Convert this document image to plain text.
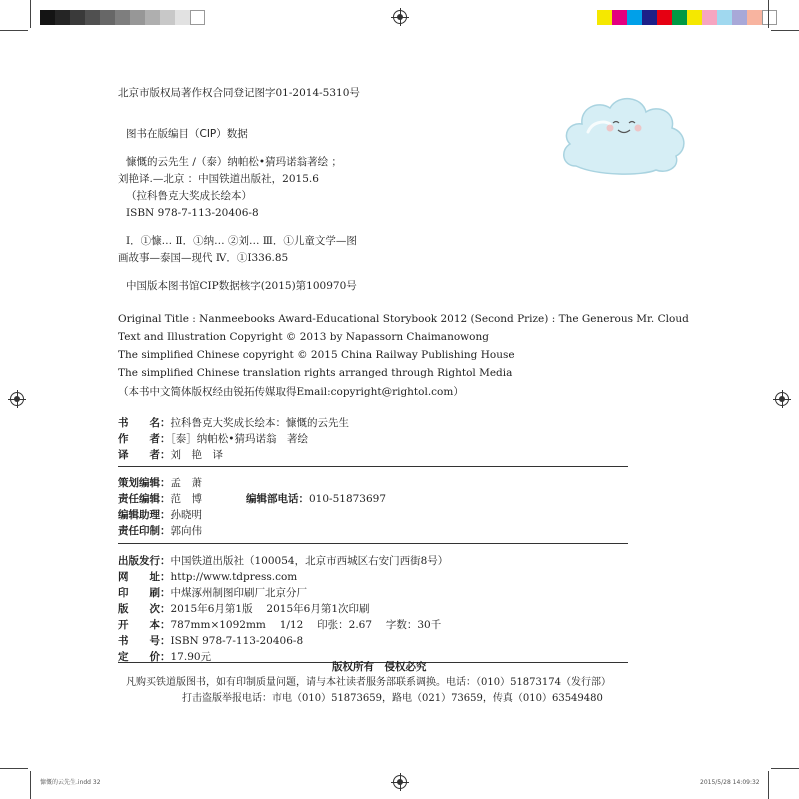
北京市版权局著作权合同登记图字01-2014-5310号
图书在版编目（CIP）数据
慷慨的云先生 /（泰）纳帕松•猜玛诺翁著绘 ；
刘艳译.—北京 ：中国铁道出版社，2015.6
（拉科鲁克大奖成长绘本）
ISBN 978-7-113-20406-8
Ⅰ．①慷… Ⅱ．①纳… ②刘… Ⅲ．①儿童文学—图
画故事—泰国—现代 Ⅳ．①I336.85
中国版本图书馆CIP数据核字(2015)第100970号
Original Title : Nanmeebooks Award-Educational Storybook 2012 (Second Prize) : The Generous Mr. Cloud
Text and Illustration Copyright © 2013 by Napassorn Chaimanowong
The simplified Chinese copyright © 2015 China Railway Publishing House
The simplified Chinese translation rights arranged through Rightol Media
（本书中文简体版权经由锐拓传媒取得Email:copyright@rightol.com）
书　　名：拉科鲁克大奖成长绘本：慷慨的云先生
作　　者：［泰］纳帕松•猜玛诺翁　著绘
译　　者：刘　艳　译
策划编辑：孟　萧
责任编辑：范　博	编辑部电话：010-51873697
编辑助理：孙晓明
责任印制：郭向伟
出版发行：中国铁道出版社（100054，北京市西城区右安门西街8号）
网　　址：http://www.tdpress.com
印　　刷：中煤涿州制图印刷厂北京分厂
版　　次：2015年6月第1版　 2015年6月第1次印刷
开　　本：787mm×1092mm　 1/12　 印张：2.67　 字数：30千
书　　号：ISBN 978-7-113-20406-8
定　　价：17.90元
版权所有　侵权必究
凡购买铁道版图书，如有印制质量问题，请与本社读者服务部联系调换。电话：（010）51873174（发行部）
打击盗版举报电话：市电（010）51873659，路电（021）73659，传真（010）63549480
慷慨的云先生.indd 32	2015/5/28 14:09:32
